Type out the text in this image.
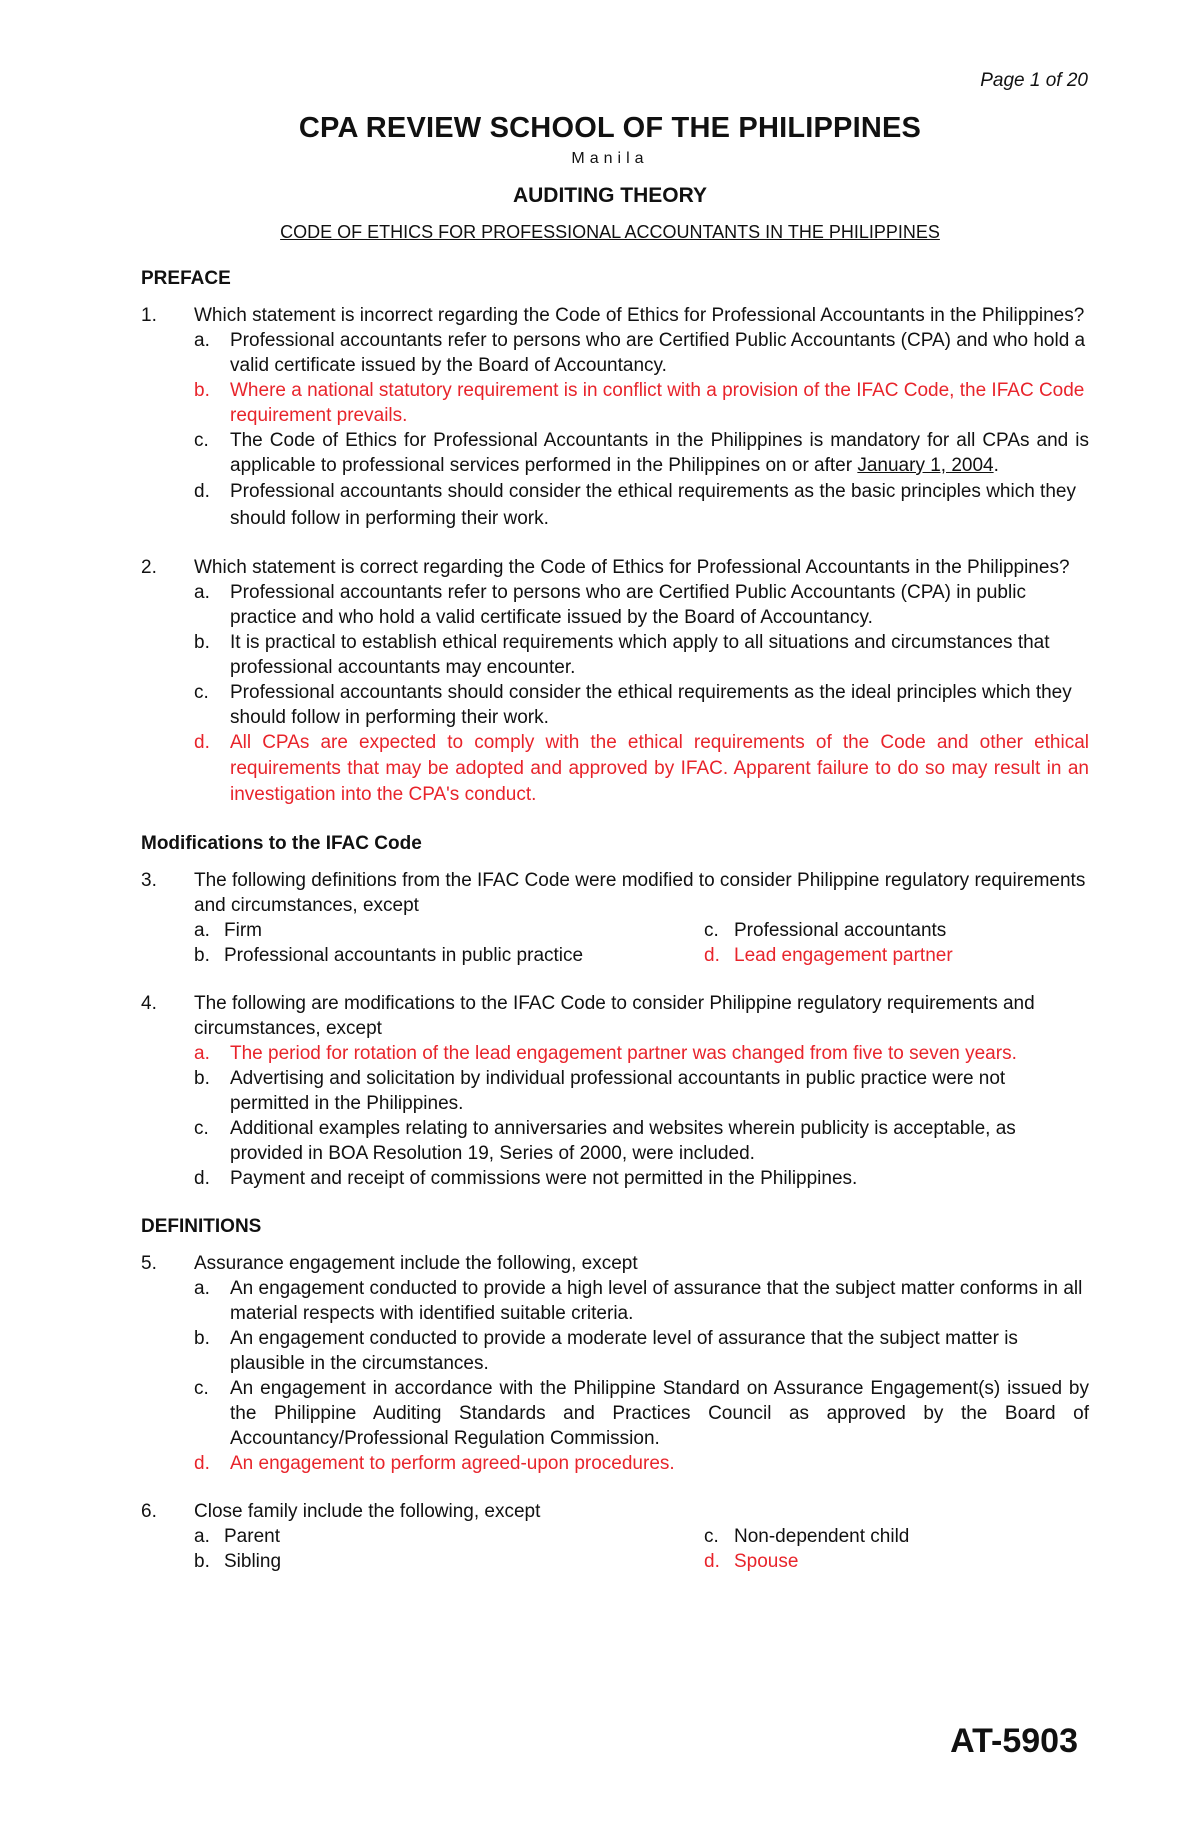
Page 1 of 20
CPA REVIEW SCHOOL OF THE PHILIPPINES
Manila
AUDITING THEORY
CODE OF ETHICS FOR PROFESSIONAL ACCOUNTANTS IN THE PHILIPPINES
PREFACE
1. Which statement is incorrect regarding the Code of Ethics for Professional Accountants in the Philippines?
a. Professional accountants refer to persons who are Certified Public Accountants (CPA) and who hold a valid certificate issued by the Board of Accountancy.
b. Where a national statutory requirement is in conflict with a provision of the IFAC Code, the IFAC Code requirement prevails.
c. The Code of Ethics for Professional Accountants in the Philippines is mandatory for all CPAs and is applicable to professional services performed in the Philippines on or after January 1, 2004.
d. Professional accountants should consider the ethical requirements as the basic principles which they should follow in performing their work.
2. Which statement is correct regarding the Code of Ethics for Professional Accountants in the Philippines?
a. Professional accountants refer to persons who are Certified Public Accountants (CPA) in public practice and who hold a valid certificate issued by the Board of Accountancy.
b. It is practical to establish ethical requirements which apply to all situations and circumstances that professional accountants may encounter.
c. Professional accountants should consider the ethical requirements as the ideal principles which they should follow in performing their work.
d. All CPAs are expected to comply with the ethical requirements of the Code and other ethical requirements that may be adopted and approved by IFAC. Apparent failure to do so may result in an investigation into the CPA's conduct.
Modifications to the IFAC Code
3. The following definitions from the IFAC Code were modified to consider Philippine regulatory requirements and circumstances, except
a. Firm
b. Professional accountants in public practice
c. Professional accountants
d. Lead engagement partner
4. The following are modifications to the IFAC Code to consider Philippine regulatory requirements and circumstances, except
a. The period for rotation of the lead engagement partner was changed from five to seven years.
b. Advertising and solicitation by individual professional accountants in public practice were not permitted in the Philippines.
c. Additional examples relating to anniversaries and websites wherein publicity is acceptable, as provided in BOA Resolution 19, Series of 2000, were included.
d. Payment and receipt of commissions were not permitted in the Philippines.
DEFINITIONS
5. Assurance engagement include the following, except
a. An engagement conducted to provide a high level of assurance that the subject matter conforms in all material respects with identified suitable criteria.
b. An engagement conducted to provide a moderate level of assurance that the subject matter is plausible in the circumstances.
c. An engagement in accordance with the Philippine Standard on Assurance Engagement(s) issued by the Philippine Auditing Standards and Practices Council as approved by the Board of Accountancy/Professional Regulation Commission.
d. An engagement to perform agreed-upon procedures.
6. Close family include the following, except
a. Parent
b. Sibling
c. Non-dependent child
d. Spouse
AT-5903
